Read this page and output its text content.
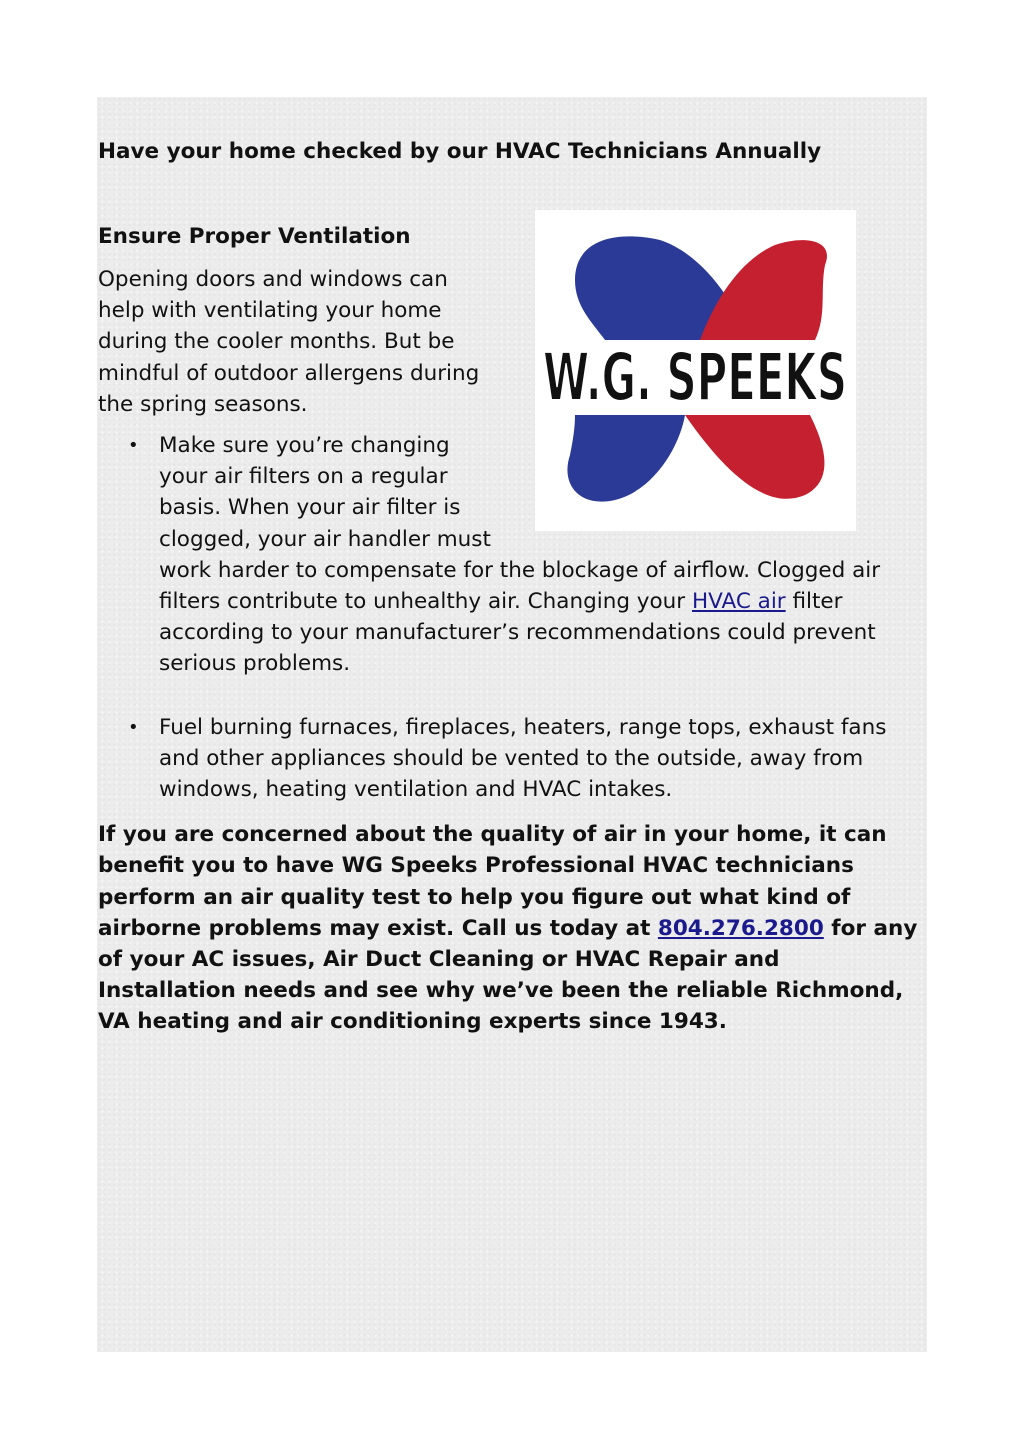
Have your home checked by our HVAC Technicians Annually
W.G. SPEEKS
Ensure Proper Ventilation

Opening doors and windows can help with ventilating your home during the cooler months. But be mindful of outdoor allergens during the spring seasons.

• Make sure you’re changing your air filters on a regular basis. When your air filter is clogged, your air handler must work harder to compensate for the blockage of airflow. Clogged air filters contribute to unhealthy air. Changing your HVAC air filter according to your manufacturer’s recommendations could prevent serious problems.
• Fuel burning furnaces, fireplaces, heaters, range tops, exhaust fans and other appliances should be vented to the outside, away from windows, heating ventilation and HVAC intakes.

If you are concerned about the quality of air in your home, it can benefit you to have WG Speeks Professional HVAC technicians perform an air quality test to help you figure out what kind of airborne problems may exist. Call us today at 804.276.2800 for any of your AC issues, Air Duct Cleaning or HVAC Repair and Installation needs and see why we’ve been the reliable Richmond, VA heating and air conditioning experts since 1943.
